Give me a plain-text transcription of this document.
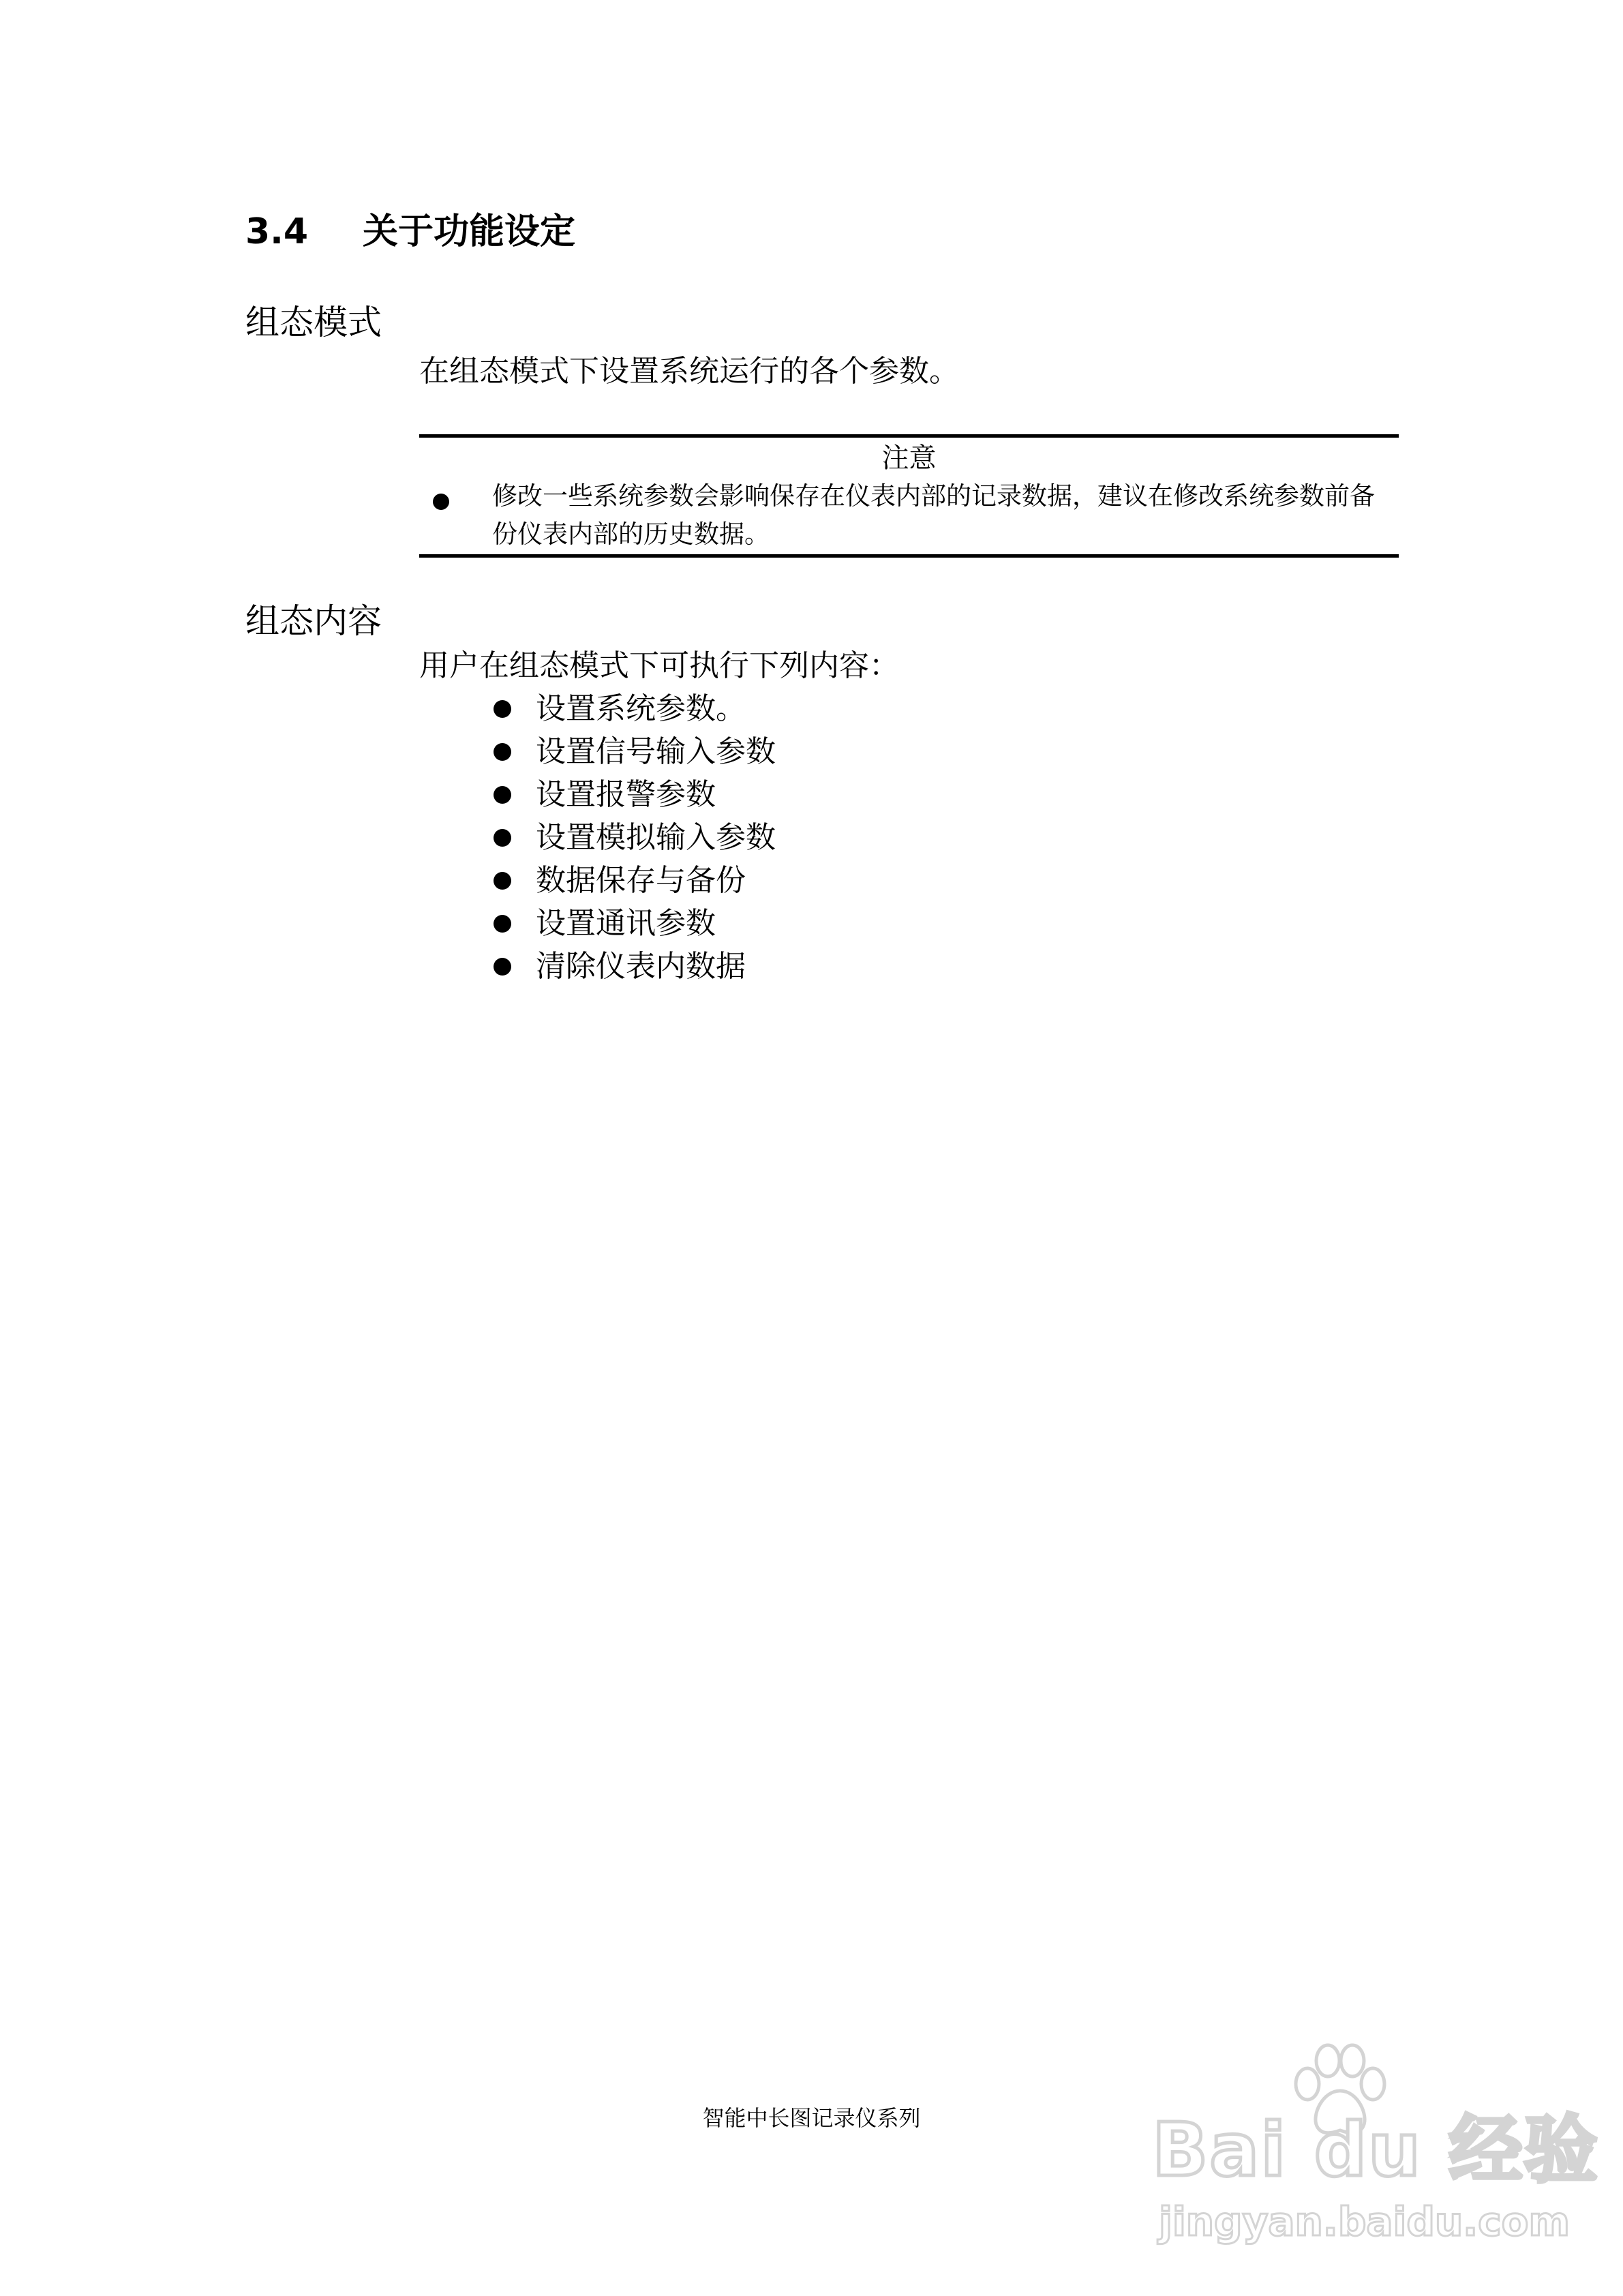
3.4	关于功能设定
组态模式
在组态模式下设置系统运行的各个参数。
注意
修改一些系统参数会影响保存在仪表内部的记录数据，建议在修改系统参数前备份仪表内部的历史数据。
组态内容
用户在组态模式下可执行下列内容：
设置系统参数。
设置信号输入参数
设置报警参数
设置模拟输入参数
数据保存与备份
设置通讯参数
清除仪表内数据
智能中长图记录仪系列	Bai du 经验
jingyan.baidu.com
